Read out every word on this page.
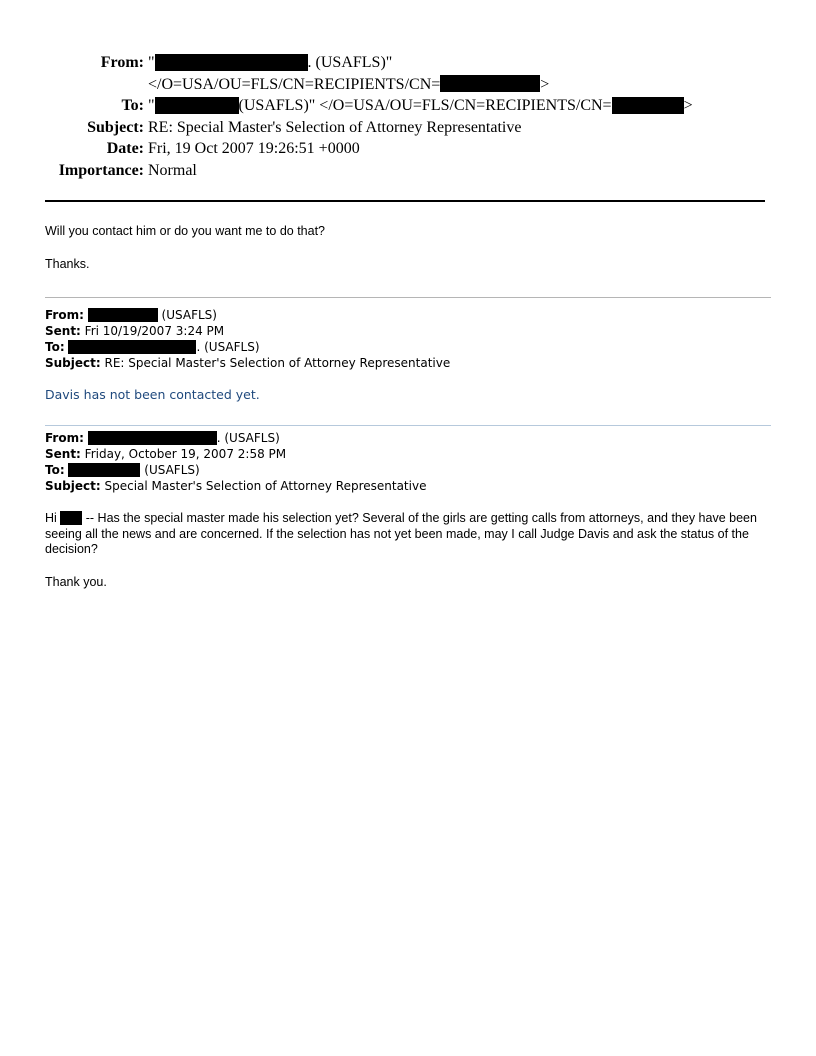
From: "	. (USAFLS)"
</O=USA/OU=FLS/CN=RECIPIENTS/CN=	>
To: "	(USAFLS)" </O=USA/OU=FLS/CN=RECIPIENTS/CN=	>
Subject: RE: Special Master's Selection of Attorney Representative
Date: Fri, 19 Oct 2007 19:26:51 +0000
Importance: Normal

Will you contact him or do you want me to do that?

Thanks.

From:	(USAFLS)
Sent: Fri 10/19/2007 3:24 PM
To:	. (USAFLS)
Subject: RE: Special Master's Selection of Attorney Representative
Davis has not been contacted yet.
From:	. (USAFLS)
Sent: Friday, October 19, 2007 2:58 PM
To:	(USAFLS)
Subject: Special Master's Selection of Attorney Representative

Hi  -- Has the special master made his selection yet? Several of the girls are getting calls from attorneys, and they have been seeing all the news and are concerned. If the selection has not yet been made, may I call Judge Davis and ask the status of the decision?

Thank you.
